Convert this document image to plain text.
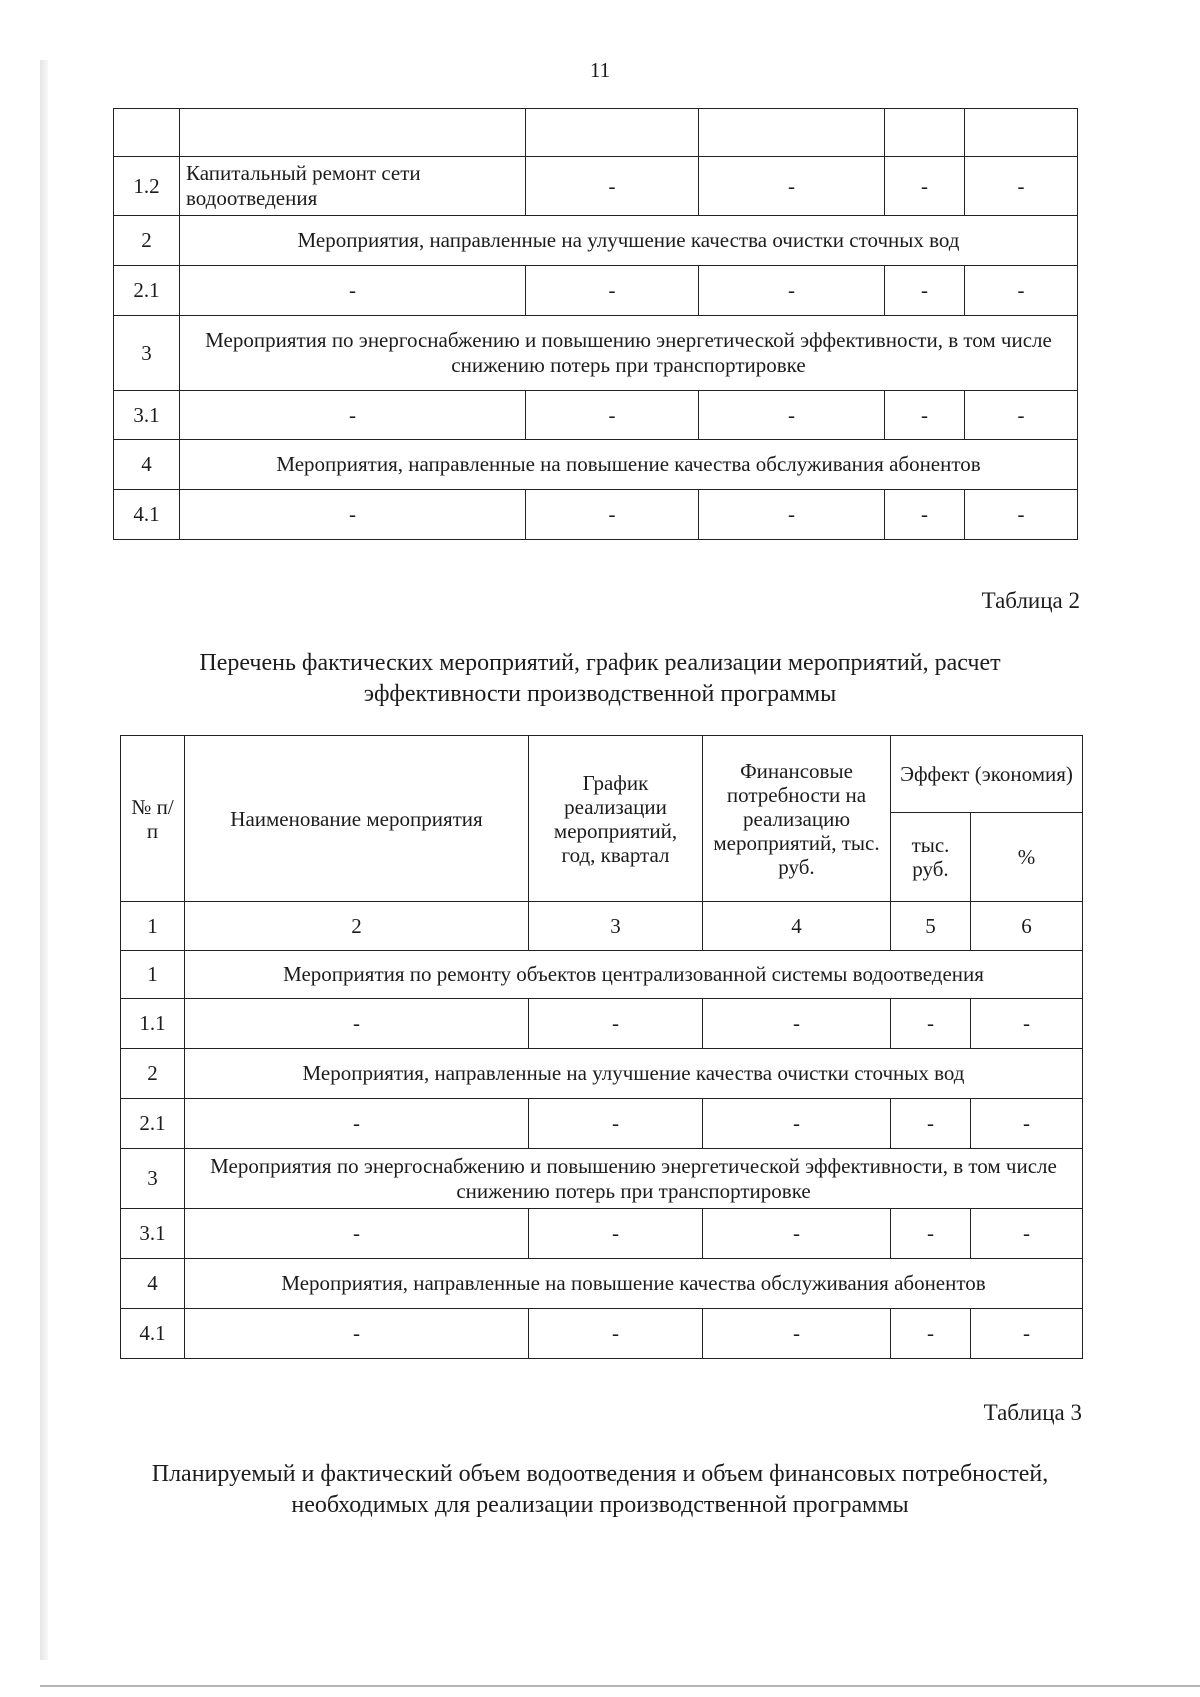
11

1.2	Капитальный ремонт сети водоотведения	-	-	-	-
2	Мероприятия, направленные на улучшение качества очистки сточных вод				
2.1	-	-	-	-	-
3	Мероприятия по энергоснабжению и повышению энергетической эффективности, в том числе снижению потерь при транспортировке				
3.1	-	-	-	-	-
4	Мероприятия, направленные на повышение качества обслуживания абонентов				
4.1	-	-	-	-	-
Таблица 2
Перечень фактических мероприятий, график реализации мероприятий, расчет эффективности производственной программы
№ п/п	Наименование мероприятия	График реализации мероприятий, год, квартал	Финансовые потребности на реализацию мероприятий, тыс. руб.	Эффект (экономия)	
				тыс. руб.	%
1	2	3	4	5	6
1	Мероприятия по ремонту объектов централизованной системы водоотведения				
1.1	-	-	-	-	-
2	Мероприятия, направленные на улучшение качества очистки сточных вод				
2.1	-	-	-	-	-
3	Мероприятия по энергоснабжению и повышению энергетической эффективности, в том числе снижению потерь при транспортировке				
3.1	-	-	-	-	-
4	Мероприятия, направленные на повышение качества обслуживания абонентов				
4.1	-	-	-	-	-
Таблица 3
Планируемый и фактический объем водоотведения и объем финансовых потребностей, необходимых для реализации производственной программы
